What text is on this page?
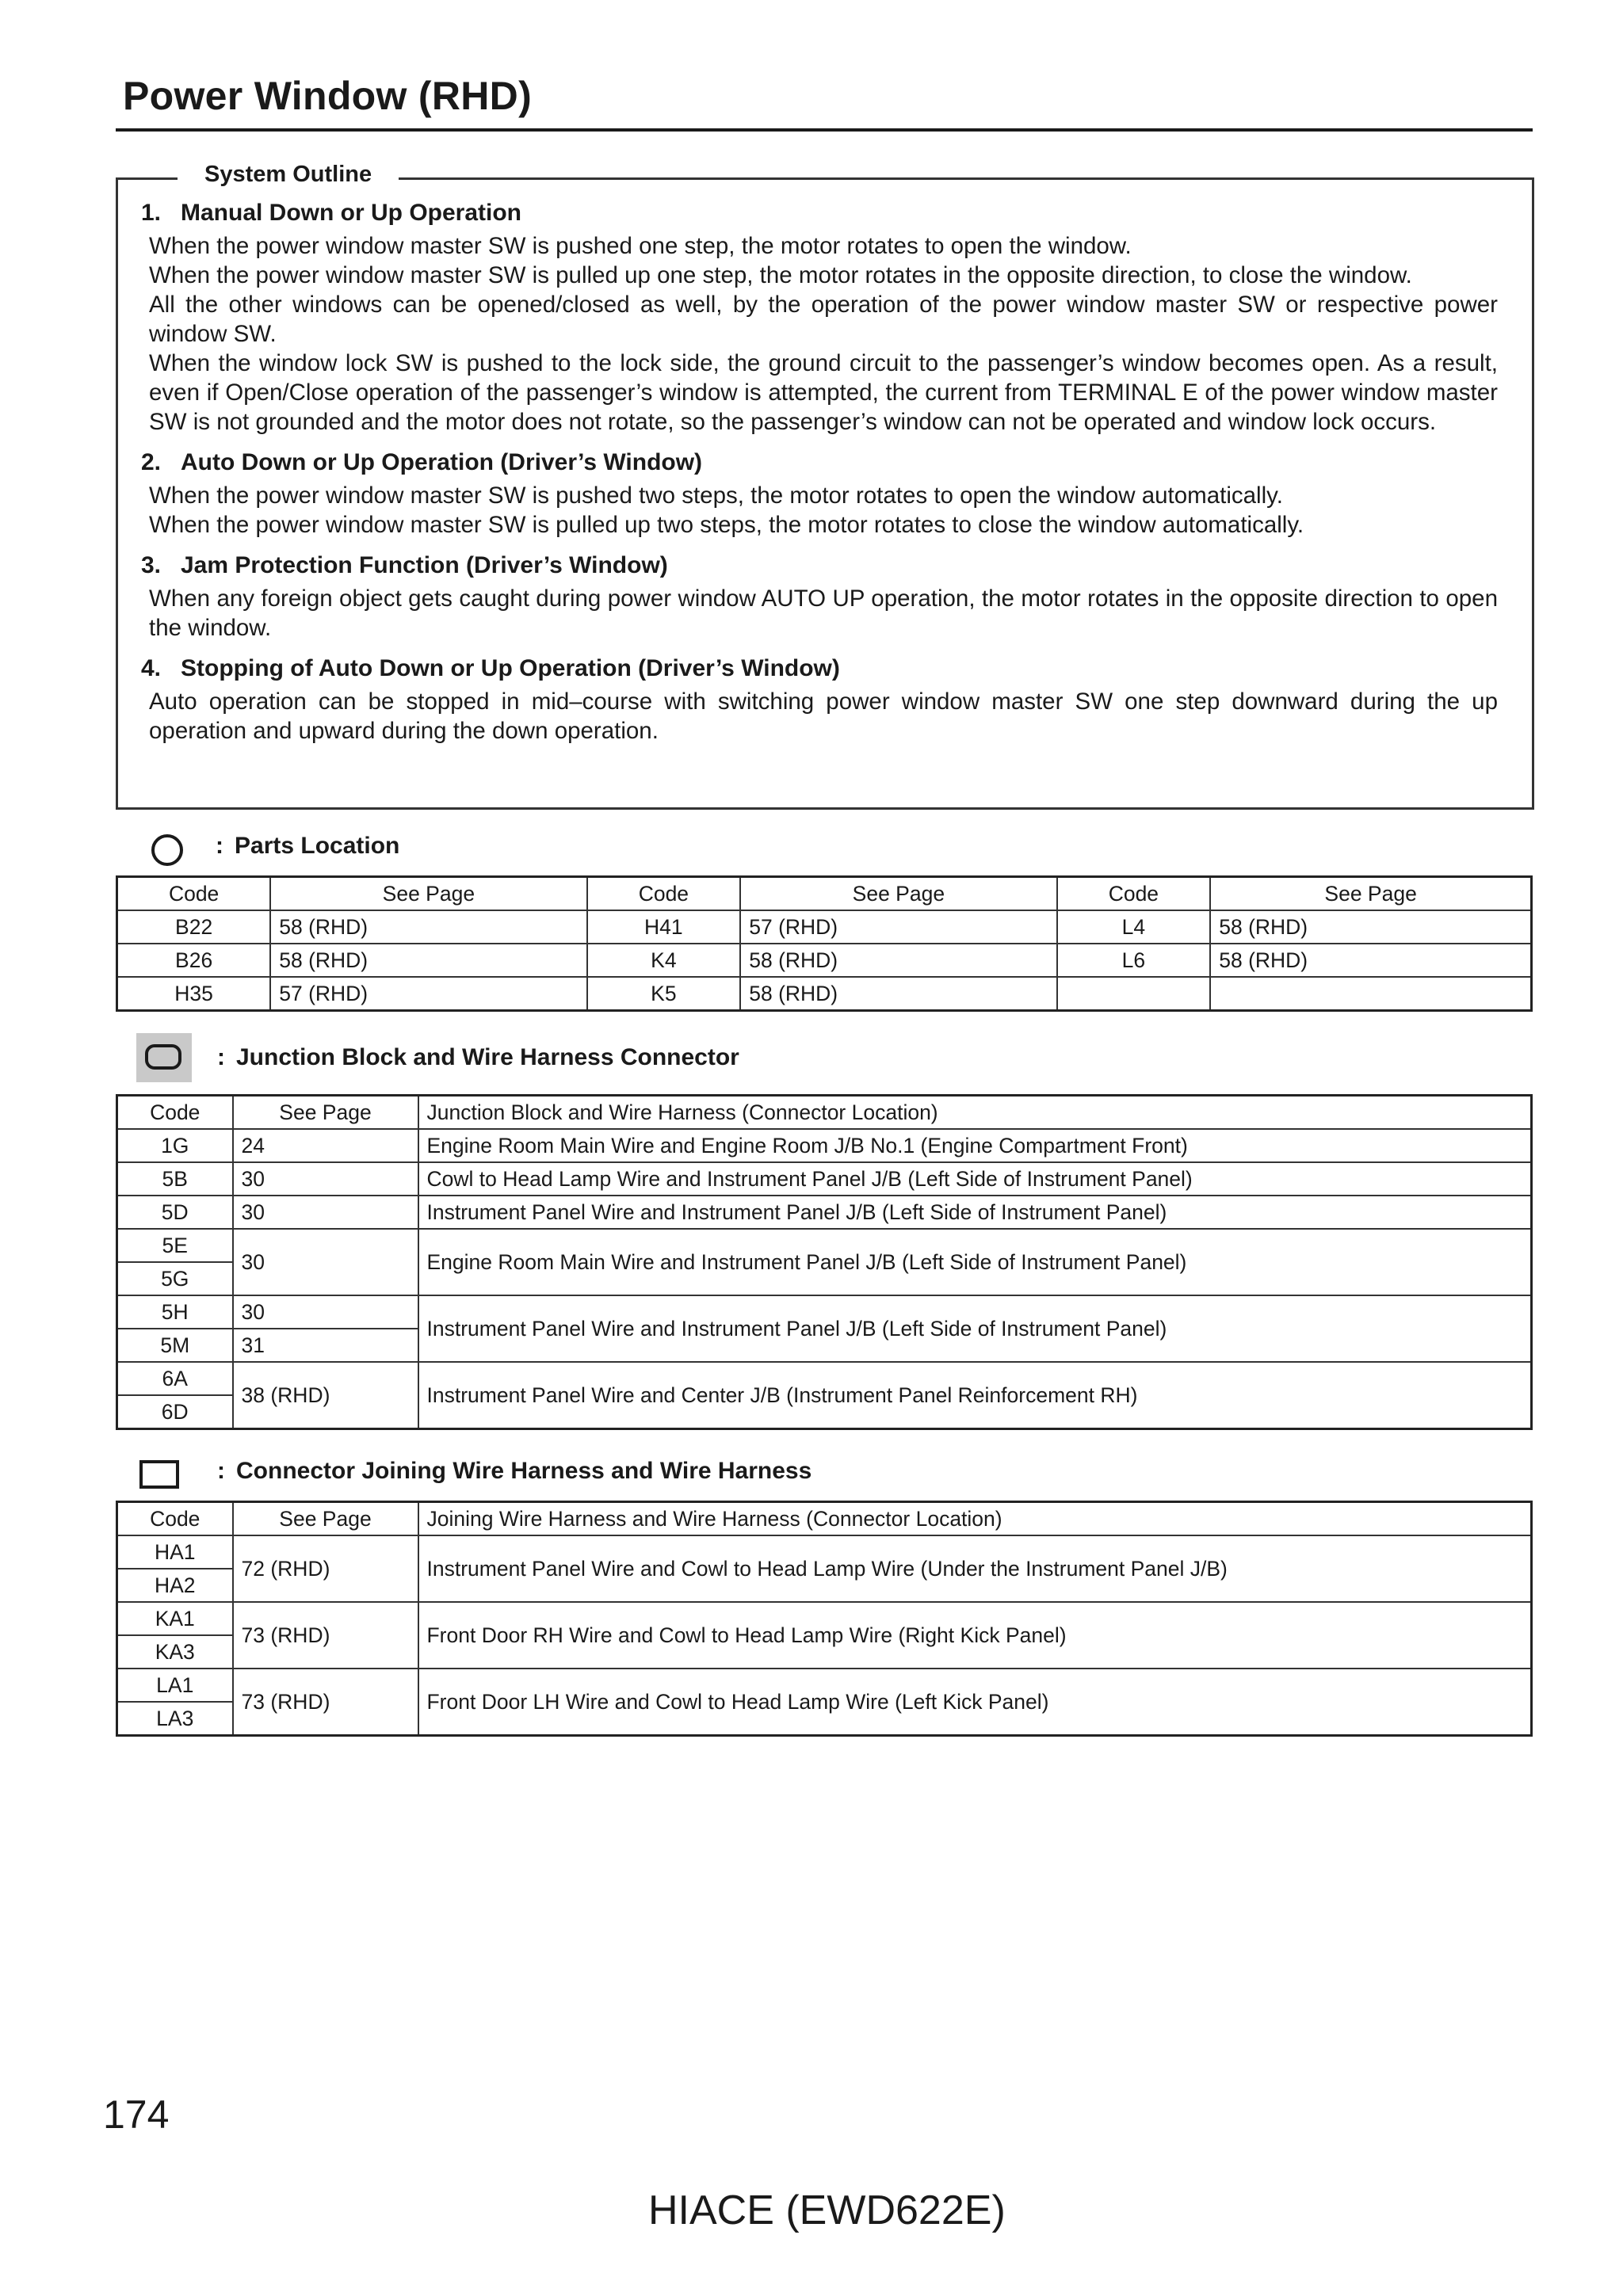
Power Window (RHD)
System Outline
1. Manual Down or Up Operation

When the power window master SW is pushed one step, the motor rotates to open the window.

When the power window master SW is pulled up one step, the motor rotates in the opposite direction, to close the window.

All the other windows can be opened/closed as well, by the operation of the power window master SW or respective power window SW.

When the window lock SW is pushed to the lock side, the ground circuit to the passenger’s window becomes open. As a result, even if Open/Close operation of the passenger’s window is attempted, the current from TERMINAL E of the power window master SW is not grounded and the motor does not rotate, so the passenger’s window can not be operated and window lock occurs.

2. Auto Down or Up Operation (Driver’s Window)

When the power window master SW is pushed two steps, the motor rotates to open the window automatically.

When the power window master SW is pulled up two steps, the motor rotates to close the window automatically.

3. Jam Protection Function (Driver’s Window)

When any foreign object gets caught during power window AUTO UP operation, the motor rotates in the opposite direction to open the window.

4. Stopping of Auto Down or Up Operation (Driver’s Window)

Auto operation can be stopped in mid–course with switching power window master SW one step downward during the up operation and upward during the down operation.

: Parts Location
Code	See Page	Code	See Page	Code	See Page
B22	58 (RHD)	H41	57 (RHD)	L4	58 (RHD)
B26	58 (RHD)	K4	58 (RHD)	L6	58 (RHD)
H35	57 (RHD)	K5	58 (RHD)		
: Junction Block and Wire Harness Connector
Code	See Page	Junction Block and Wire Harness (Connector Location)
1G	24	Engine Room Main Wire and Engine Room J/B No.1 (Engine Compartment Front)
5B	30	Cowl to Head Lamp Wire and Instrument Panel J/B (Left Side of Instrument Panel)
5D	30	Instrument Panel Wire and Instrument Panel J/B (Left Side of Instrument Panel)
5E	30	Engine Room Main Wire and Instrument Panel J/B (Left Side of Instrument Panel)
5G		
5H	30	Instrument Panel Wire and Instrument Panel J/B (Left Side of Instrument Panel)
5M	31	
6A	38 (RHD)	Instrument Panel Wire and Center J/B (Instrument Panel Reinforcement RH)
6D		
: Connector Joining Wire Harness and Wire Harness
Code	See Page	Joining Wire Harness and Wire Harness (Connector Location)
HA1	72 (RHD)	Instrument Panel Wire and Cowl to Head Lamp Wire (Under the Instrument Panel J/B)
HA2		
KA1	73 (RHD)	Front Door RH Wire and Cowl to Head Lamp Wire (Right Kick Panel)
KA3		
LA1	73 (RHD)	Front Door LH Wire and Cowl to Head Lamp Wire (Left Kick Panel)
LA3		
174
HIACE (EWD622E)
